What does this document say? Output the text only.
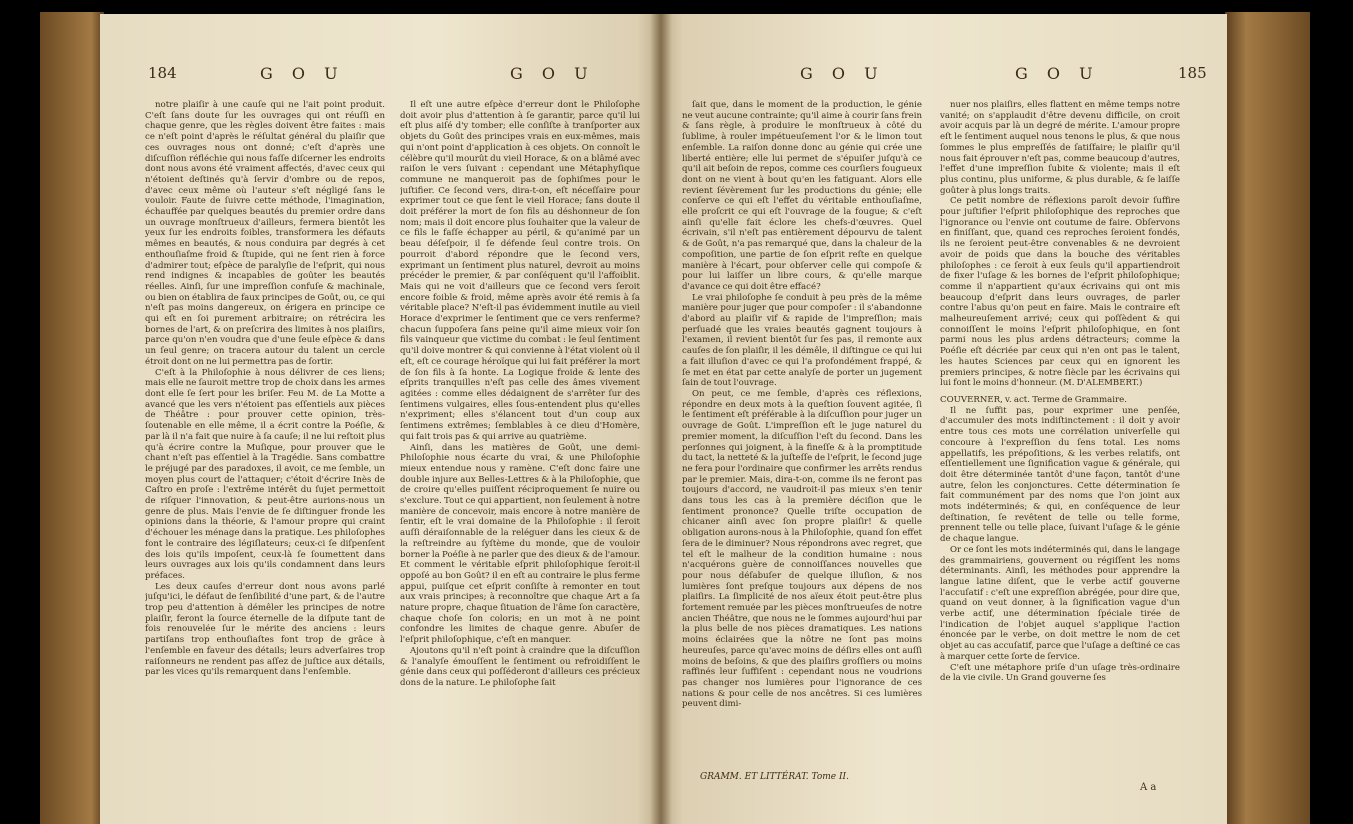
184	G O U	G O U

notre plaiſir à une cauſe qui ne l'ait point produit. C'eſt ſans doute ſur les ouvrages qui ont réuſſi en chaque genre, que les règles doivent être faites : mais ce n'eſt point d'après le réſultat général du plaiſir que ces ouvrages nous ont donné; c'eſt d'après une diſcuſſion réfléchie qui nous faſſe diſcerner les endroits dont nous avons été vraiment affectés, d'avec ceux qui n'étoient deſtinés qu'à ſervir d'ombre ou de repos, d'avec ceux même où l'auteur s'eſt négligé ſans le vouloir. Faute de ſuivre cette méthode, l'imagination, échauffée par quelques beautés du premier ordre dans un ouvrage monſtrueux d'ailleurs, fermera bientôt les yeux ſur les endroits foibles, transformera les défauts mêmes en beautés, & nous conduira par degrés à cet enthouſiaſme froid & ſtupide, qui ne ſent rien à force d'admirer tout; eſpèce de paralyſie de l'eſprit, qui nous rend indignes & incapables de goûter les beautés réelles. Ainſi, ſur une impreſſion confuſe & machinale, ou bien on établira de faux principes de Goût, ou, ce qui n'eſt pas moins dangereux, on érigera en principe ce qui eſt en ſoi purement arbitraire; on rétrécira les bornes de l'art, & on preſcrira des limites à nos plaiſirs, parce qu'on n'en voudra que d'une ſeule eſpèce & dans un ſeul genre; on tracera autour du talent un cercle étroit dont on ne lui permettra pas de ſortir.

C'eſt à la Philoſophie à nous délivrer de ces liens; mais elle ne ſauroit mettre trop de choix dans les armes dont elle ſe ſert pour les briſer. Feu M. de La Motte a avancé que les vers n'étoient pas eſſentiels aux pièces de Théâtre : pour prouver cette opinion, très-ſoutenable en elle même, il a écrit contre la Poéſie, & par là il n'a fait que nuire à ſa cauſe; il ne lui reſtoit plus qu'à écrire contre la Muſique, pour prouver que le chant n'eſt pas eſſentiel à la Tragédie. Sans combattre le préjugé par des paradoxes, il avoit, ce me ſemble, un moyen plus court de l'attaquer; c'étoit d'écrire Inès de Caſtro en proſe : l'extrême intérêt du ſujet permettoit de riſquer l'innovation, & peut-être aurions-nous un genre de plus. Mais l'envie de ſe diſtinguer fronde les opinions dans la théorie, & l'amour propre qui craint d'échouer les ménage dans la pratique. Les philoſophes font le contraire des légiſlateurs; ceux-ci ſe diſpenſent des lois qu'ils impoſent, ceux-là ſe ſoumettent dans leurs ouvrages aux lois qu'ils condamnent dans leurs préfaces.

Les deux cauſes d'erreur dont nous avons parlé juſqu'ici, le défaut de ſenſibilité d'une part, & de l'autre trop peu d'attention à démêler les principes de notre plaiſir, feront la ſource éternelle de la diſpute tant de fois renouvelée ſur le mérite des anciens : leurs partiſans trop enthouſiaſtes font trop de grâce à l'enſemble en faveur des détails; leurs adverſaires trop raiſonneurs ne rendent pas aſſez de juſtice aux détails, par les vices qu'ils remarquent dans l'enſemble.

Il eſt une autre eſpèce d'erreur dont le Philoſophe doit avoir plus d'attention à ſe garantir, parce qu'il lui eſt plus aiſé d'y tomber; elle conſiſte à tranſporter aux objets du Goût des principes vrais en eux-mêmes, mais qui n'ont point d'application à ces objets. On connoît le célèbre qu'il mourût du vieil Horace, & on a blâmé avec raiſon le vers ſuivant : cependant une Métaphyſique commune ne manqueroit pas de ſophiſmes pour le juſtifier. Ce ſecond vers, dira-t-on, eſt néceſſaire pour exprimer tout ce que ſent le vieil Horace; ſans doute il doit préférer la mort de ſon fils au déshonneur de ſon nom; mais il doit encore plus ſouhaiter que la valeur de ce fils le faſſe échapper au péril, & qu'animé par un beau déſeſpoir, il ſe défende ſeul contre trois. On pourroit d'abord répondre que le ſecond vers, exprimant un ſentiment plus naturel, devroit au moins précéder le premier, & par conſéquent qu'il l'affoiblit. Mais qui ne voit d'ailleurs que ce ſecond vers ſeroit encore foible & froid, même après avoir été remis à ſa véritable place? N'eſt-il pas évidemment inutile au vieil Horace d'exprimer le ſentiment que ce vers renferme? chacun ſuppoſera ſans peine qu'il aime mieux voir ſon fils vainqueur que victime du combat : le ſeul ſentiment qu'il doive montrer & qui convienne à l'état violent où il eſt, eſt ce courage héroïque qui lui fait préférer la mort de ſon fils à ſa honte. La Logique froide & lente des eſprits tranquilles n'eſt pas celle des âmes vivement agitées : comme elles dédaignent de s'arrêter ſur des ſentimens vulgaires, elles ſous-entendent plus qu'elles n'expriment; elles s'élancent tout d'un coup aux ſentimens extrêmes; ſemblables à ce dieu d'Homère, qui fait trois pas & qui arrive au quatrième.

Ainſi, dans les matières de Goût, une demi-Philoſophie nous écarte du vrai, & une Philoſophie mieux entendue nous y ramène. C'eſt donc faire une double injure aux Belles-Lettres & à la Philoſophie, que de croire qu'elles puiſſent réciproquement ſe nuire ou s'exclure. Tout ce qui appartient, non ſeulement à notre manière de concevoir, mais encore à notre manière de ſentir, eſt le vrai domaine de la Philoſophie : il ſeroit auſſi déraiſonnable de la reléguer dans les cieux & de la reſtreindre au ſyſtème du monde, que de vouloir borner la Poéſie à ne parler que des dieux & de l'amour. Et comment le véritable eſprit philoſophique ſeroit-il oppoſé au bon Goût? il en eſt au contraire le plus ferme appui, puiſque cet eſprit conſiſte à remonter en tout aux vrais principes; à reconnoître que chaque Art a ſa nature propre, chaque ſituation de l'âme ſon caractère, chaque choſe ſon coloris; en un mot à ne point confondre les limites de chaque genre. Abuſer de l'eſprit philoſophique, c'eſt en manquer.

Ajoutons qu'il n'eſt point à craindre que la diſcuſſion & l'analyſe émouſſent le ſentiment ou refroidiſſent le génie dans ceux qui poſſéderont d'ailleurs ces précieux dons de la nature. Le philoſophe ſait

G O U	G O U	185

ſait que, dans le moment de la production, le génie ne veut aucune contrainte; qu'il aime à courir ſans frein & ſans règle, à produire le monſtrueux à côté du ſublime, à rouler impétueuſement l'or & le limon tout enſemble. La raiſon donne donc au génie qui crée une liberté entière; elle lui permet de s'épuiſer juſqu'à ce qu'il ait beſoin de repos, comme ces courſiers fougueux dont on ne vient à bout qu'en les fatiguant. Alors elle revient ſévèrement ſur les productions du génie; elle conſerve ce qui eſt l'effet du véritable enthouſiaſme, elle proſcrit ce qui eſt l'ouvrage de la fougue; & c'eſt ainſi qu'elle fait éclore les chefs-d'œuvres. Quel écrivain, s'il n'eſt pas entièrement dépourvu de talent & de Goût, n'a pas remarqué que, dans la chaleur de la compoſition, une partie de ſon eſprit reſte en quelque manière à l'écart, pour obſerver celle qui compoſe & pour lui laiſſer un libre cours, & qu'elle marque d'avance ce qui doit être effacé?

Le vrai philoſophe ſe conduit à peu près de la même manière pour juger que pour compoſer : il s'abandonne d'abord au plaiſir vif & rapide de l'impreſſion; mais perſuadé que les vraies beautés gagnent toujours à l'examen, il revient bientôt ſur ſes pas, il remonte aux cauſes de ſon plaiſir, il les démêle, il diſtingue ce qui lui a fait illuſion d'avec ce qui l'a profondément frappé, & ſe met en état par cette analyſe de porter un jugement ſain de tout l'ouvrage.

On peut, ce me ſemble, d'après ces réflexions, répondre en deux mots à la queſtion ſouvent agitée, ſi le ſentiment eſt préférable à la diſcuſſion pour juger un ouvrage de Goût. L'impreſſion eſt le juge naturel du premier moment, la diſcuſſion l'eſt du ſecond. Dans les perſonnes qui joignent, à la fineſſe & à la promptitude du tact, la netteté & la juſteſſe de l'eſprit, le ſecond juge ne fera pour l'ordinaire que confirmer les arrêts rendus par le premier. Mais, dira-t-on, comme ils ne feront pas toujours d'accord, ne vaudroit-il pas mieux s'en tenir dans tous les cas à la première déciſion que le ſentiment prononce? Quelle triſte occupation de chicaner ainſi avec ſon propre plaiſir! & quelle obligation aurons-nous à la Philoſophie, quand ſon effet ſera de le diminuer? Nous répondrons avec regret, que tel eſt le malheur de la condition humaine : nous n'acquérons guère de connoiſſances nouvelles que pour nous déſabuſer de quelque illuſion, & nos lumières ſont preſque toujours aux dépens de nos plaiſirs. La ſimplicité de nos aïeux étoit peut-être plus fortement remuée par les pièces monſtrueuſes de notre ancien Théâtre, que nous ne le ſommes aujourd'hui par la plus belle de nos pièces dramatiques. Les nations moins éclairées que la nôtre ne ſont pas moins heureuſes, parce qu'avec moins de déſirs elles ont auſſi moins de beſoins, & que des plaiſirs groſſiers ou moins raffinés leur ſuffiſent : cependant nous ne voudrions pas changer nos lumières pour l'ignorance de ces nations & pour celle de nos ancêtres. Si ces lumières peuvent dimi-

nuer nos plaiſirs, elles flattent en même temps notre vanité; on s'applaudit d'être devenu difficile, on croit avoir acquis par là un degré de mérite. L'amour propre eſt le ſentiment auquel nous tenons le plus, & que nous ſommes le plus empreſſés de ſatiſfaire; le plaiſir qu'il nous fait éprouver n'eſt pas, comme beaucoup d'autres, l'effet d'une impreſſion ſubite & violente; mais il eſt plus continu, plus uniforme, & plus durable, & ſe laiſſe goûter à plus longs traits.

Ce petit nombre de réflexions paroît devoir ſuffire pour juſtifier l'eſprit philoſophique des reproches que l'ignorance ou l'envie ont coutume de faire. Obſervons en finiſſant, que, quand ces reproches ſeroient fondés, ils ne ſeroient peut-être convenables & ne devroient avoir de poids que dans la bouche des véritables philoſophes : ce ſeroit à eux ſeuls qu'il appartiendroit de fixer l'uſage & les bornes de l'eſprit philoſophique; comme il n'appartient qu'aux écrivains qui ont mis beaucoup d'eſprit dans leurs ouvrages, de parler contre l'abus qu'on peut en faire. Mais le contraire eſt malheureuſement arrivé; ceux qui poſſèdent & qui connoiſſent le moins l'eſprit philoſophique, en ſont parmi nous les plus ardens détracteurs; comme la Poéſie eſt décriée par ceux qui n'en ont pas le talent, les hautes Sciences par ceux qui en ignorent les premiers principes, & notre ſiècle par les écrivains qui lui font le moins d'honneur. (M. D'ALEMBERT.)

COUVERNER, v. act. Terme de Grammaire.

Il ne ſuffit pas, pour exprimer une penſée, d'accumuler des mots indiſtinctement : il doit y avoir entre tous ces mots une corrélation univerſelle qui concoure à l'expreſſion du ſens total. Les noms appellatifs, les prépoſitions, & les verbes relatifs, ont eſſentiellement une ſignification vague & générale, qui doit être déterminée tantôt d'une façon, tantôt d'une autre, ſelon les conjonctures. Cette détermination ſe fait communément par des noms que l'on joint aux mots indéterminés; & qui, en conſéquence de leur deſtination, ſe revêtent de telle ou telle forme, prennent telle ou telle place, ſuivant l'uſage & le génie de chaque langue.

Or ce ſont les mots indéterminés qui, dans le langage des grammairiens, gouvernent ou régiſſent les noms déterminants. Ainſi, les méthodes pour apprendre la langue latine diſent, que le verbe actif gouverne l'accuſatif : c'eſt une expreſſion abrégée, pour dire que, quand on veut donner, à la ſignification vague d'un verbe actif, une détermination ſpéciale tirée de l'indication de l'objet auquel s'applique l'action énoncée par le verbe, on doit mettre le nom de cet objet au cas accuſatif, parce que l'uſage a deſtiné ce cas à marquer cette ſorte de ſervice.

C'eſt une métaphore priſe d'un uſage très-ordinaire de la vie civile. Un Grand gouverne ſes

GRAMM. ET LITTÉRAT. Tome II.
A a
